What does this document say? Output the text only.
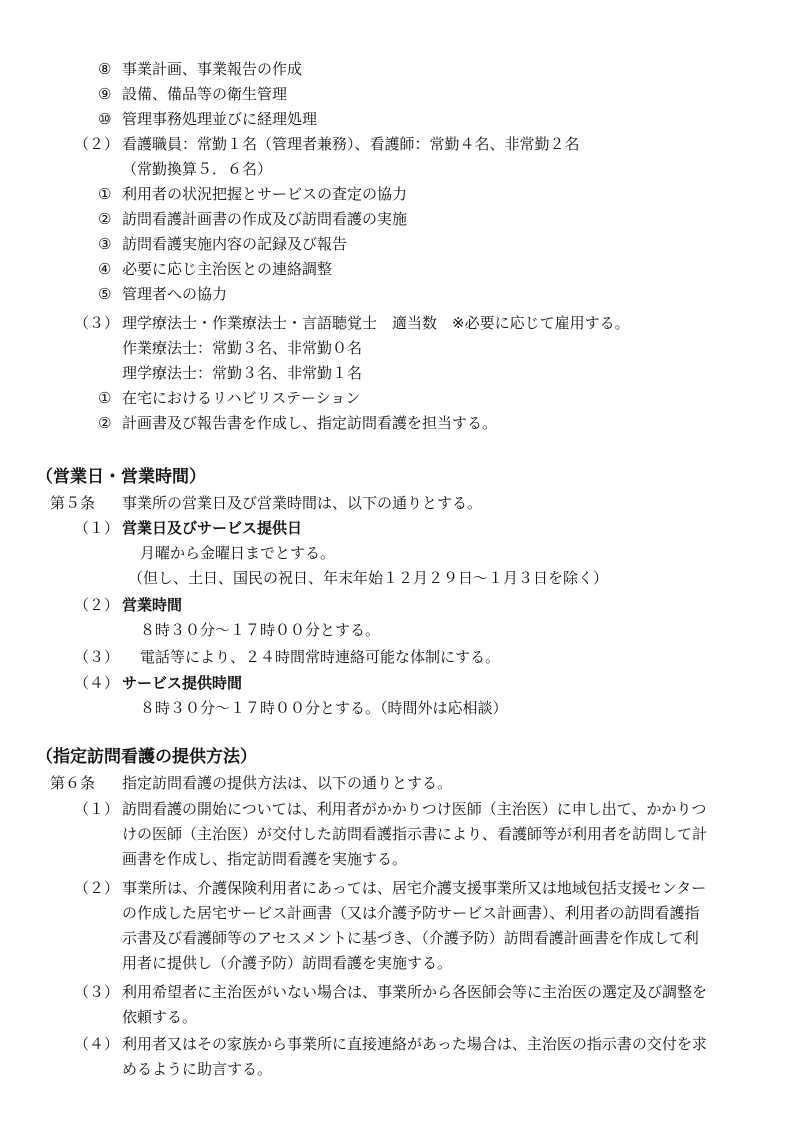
⑧ 事業計画、事業報告の作成
⑨ 設備、備品等の衛生管理
⑩ 管理事務処理並びに経理処理
（２） 看護職員：常勤１名（管理者兼務）、看護師：常勤４名、非常勤２名
（常勤換算５．６名）
① 利用者の状況把握とサービスの査定の協力
② 訪問看護計画書の作成及び訪問看護の実施
③ 訪問看護実施内容の記録及び報告
④ 必要に応じ主治医との連絡調整
⑤ 管理者への協力
（３） 理学療法士・作業療法士・言語聴覚士　適当数　※必要に応じて雇用する。
作業療法士：常勤３名、非常勤０名
理学療法士：常勤３名、非常勤１名
① 在宅におけるリハビリステーション
② 計画書及び報告書を作成し、指定訪問看護を担当する。
（営業日・営業時間）
第５条 事業所の営業日及び営業時間は、以下の通りとする。
（１） 営業日及びサービス提供日
月曜から金曜日までとする。
（但し、土日、国民の祝日、年末年始１２月２９日～１月３日を除く）
（２） 営業時間
８時３０分～１７時００分とする。
（３） 電話等により、２４時間常時連絡可能な体制にする。
（４） サービス提供時間
８時３０分～１７時００分とする。（時間外は応相談）
（指定訪問看護の提供方法）
第６条 指定訪問看護の提供方法は、以下の通りとする。
（１） 訪問看護の開始については、利用者がかかりつけ医師（主治医）に申し出て、かかりつ
けの医師（主治医）が交付した訪問看護指示書により、看護師等が利用者を訪問して計
画書を作成し、指定訪問看護を実施する。
（２） 事業所は、介護保険利用者にあっては、居宅介護支援事業所又は地域包括支援センター
の作成した居宅サービス計画書（又は介護予防サービス計画書）、利用者の訪問看護指
示書及び看護師等のアセスメントに基づき、（介護予防）訪問看護計画書を作成して利
用者に提供し（介護予防）訪問看護を実施する。
（３） 利用希望者に主治医がいない場合は、事業所から各医師会等に主治医の選定及び調整を
依頼する。
（４） 利用者又はその家族から事業所に直接連絡があった場合は、主治医の指示書の交付を求
めるように助言する。
